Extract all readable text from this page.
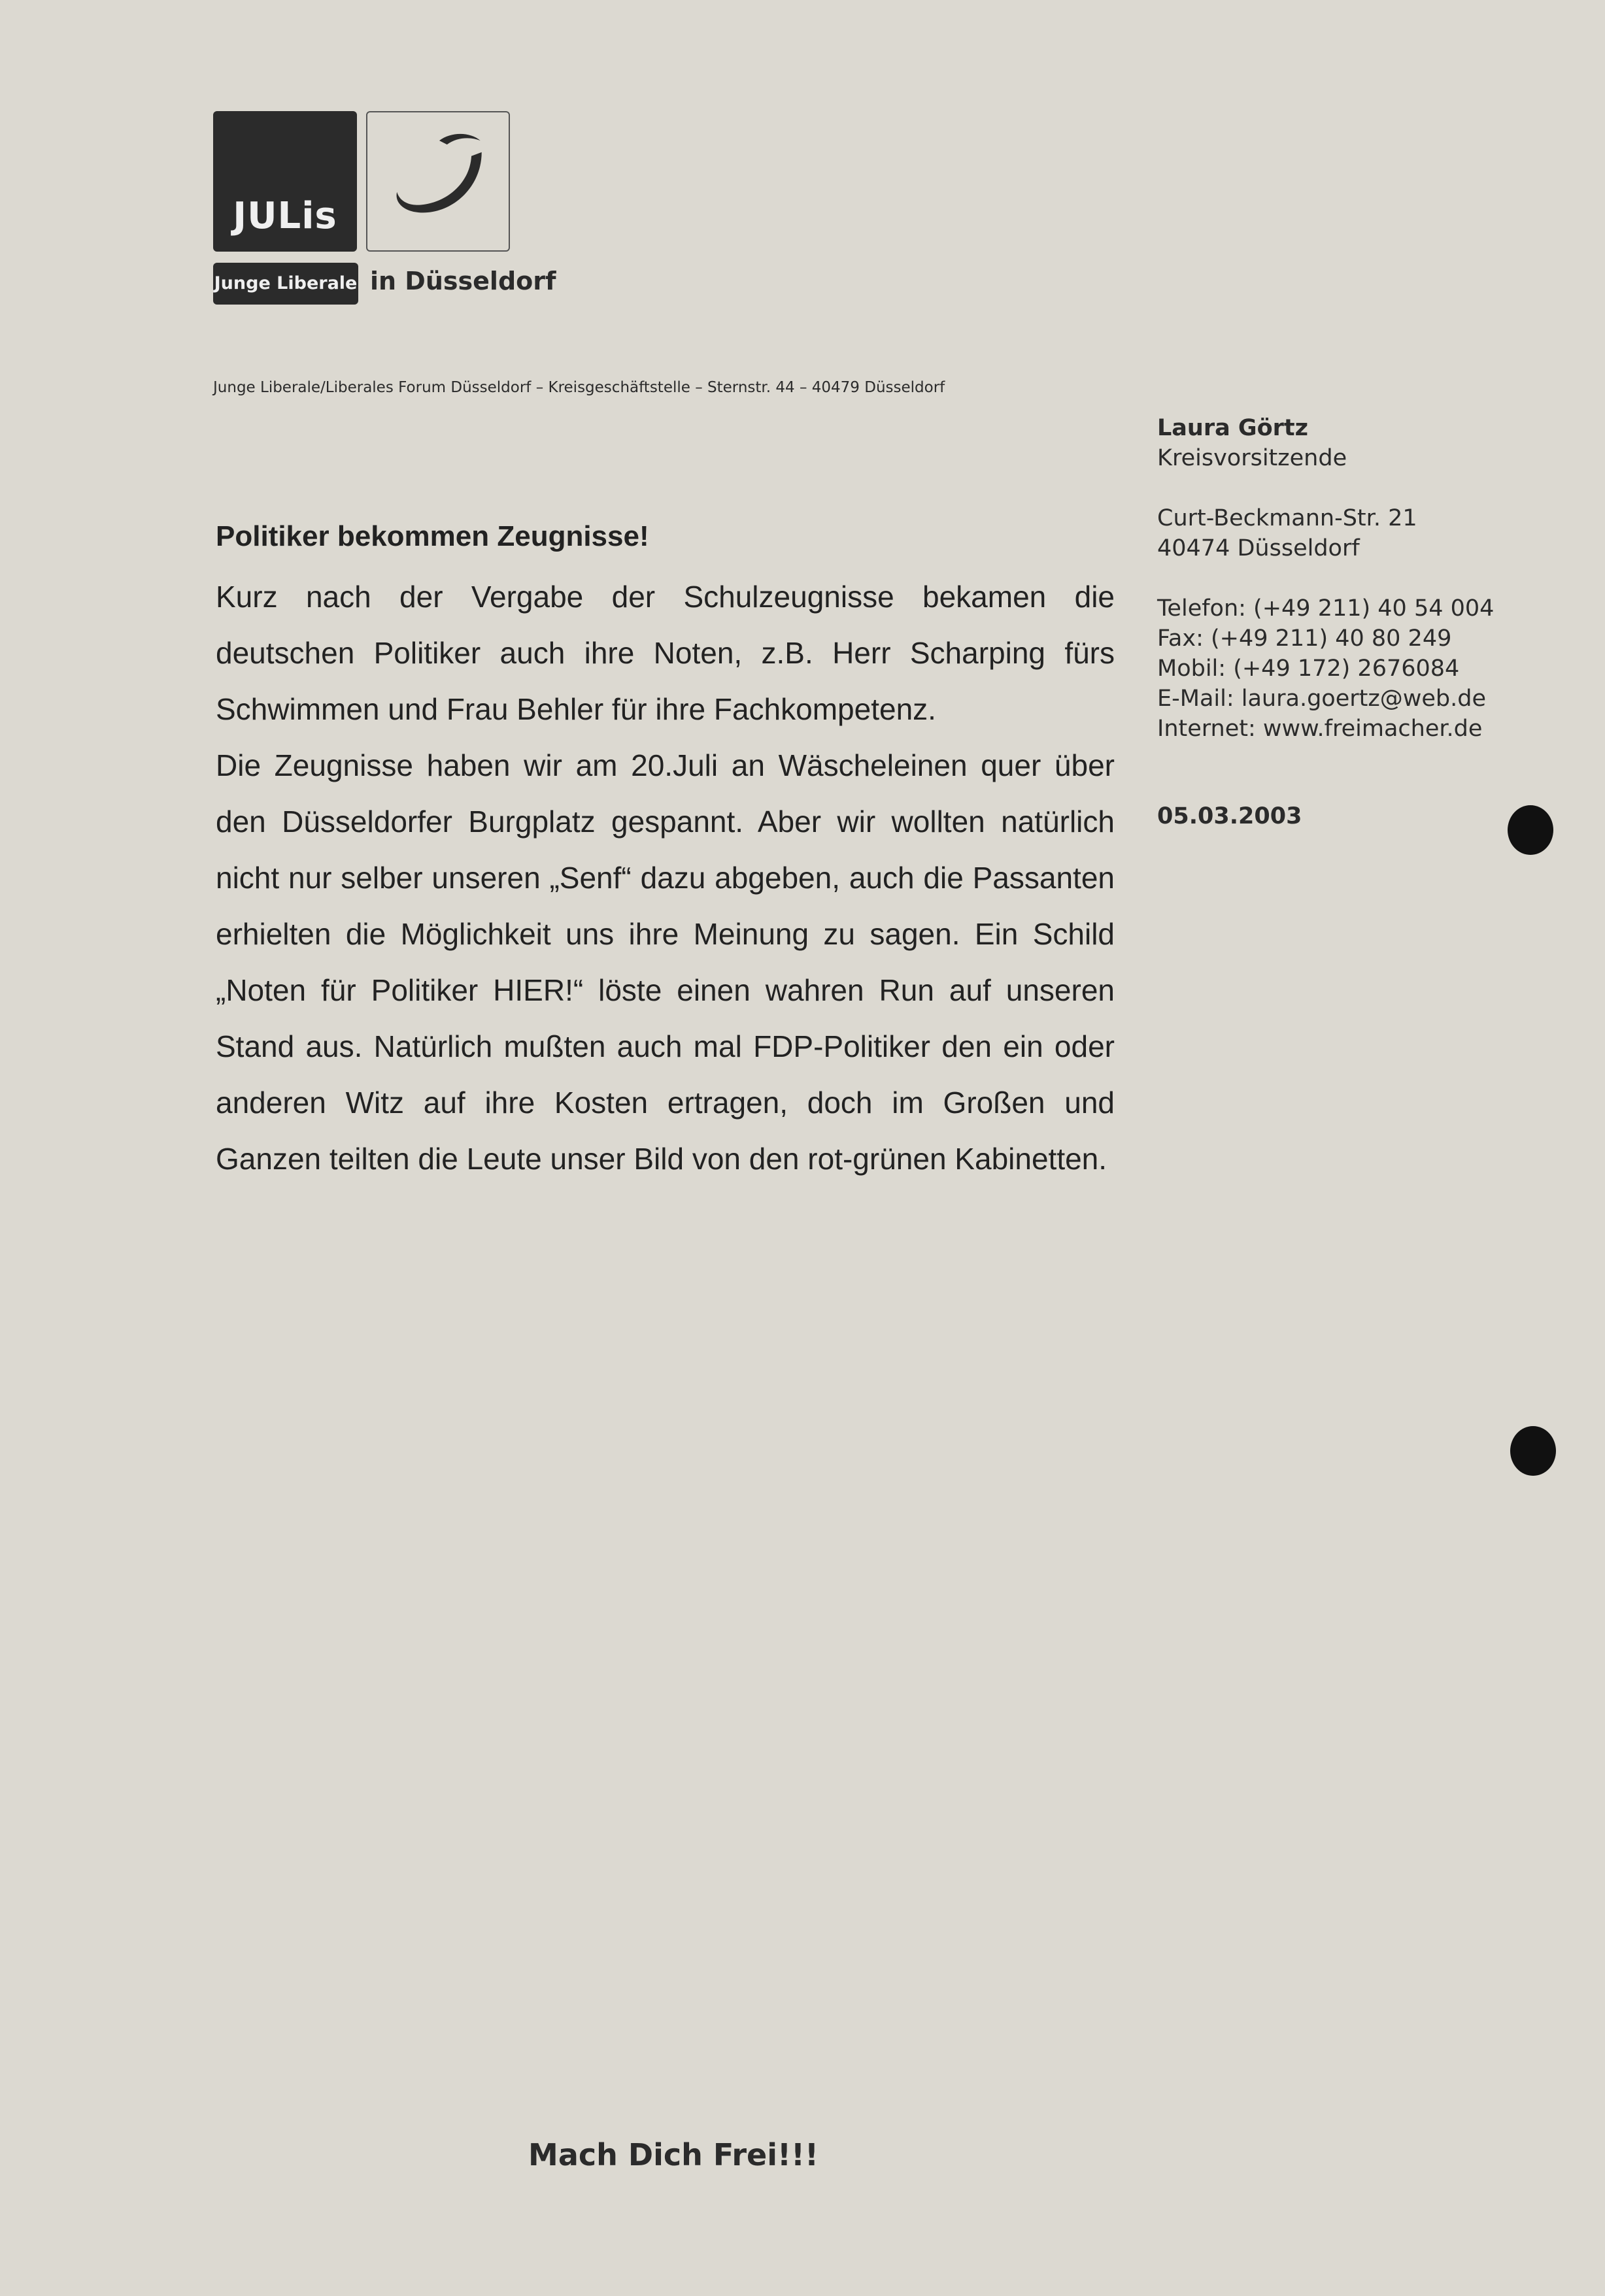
JULis
Junge Liberale in Düsseldorf
Junge Liberale/Liberales Forum Düsseldorf – Kreisgeschäftstelle – Sternstr. 44 – 40479 Düsseldorf
Laura Görtz
Kreisvorsitzende
Curt-Beckmann-Str. 21
40474 Düsseldorf
Telefon: (+49 211) 40 54 004
Fax: (+49 211) 40 80 249
Mobil: (+49 172) 2676084
E-Mail: laura.goertz@web.de
Internet: www.freimacher.de
05.03.2003
Politiker bekommen Zeugnisse!

Kurz nach der Vergabe der Schulzeugnisse bekamen die deutschen Politiker auch ihre Noten, z.B. Herr Scharping fürs Schwimmen und Frau Behler für ihre Fachkompetenz.

Die Zeugnisse haben wir am 20.Juli an Wäscheleinen quer über den Düsseldorfer Burgplatz gespannt. Aber wir wollten natürlich nicht nur selber unseren „Senf“ dazu abgeben, auch die Passanten erhielten die Möglichkeit uns ihre Meinung zu sagen. Ein Schild „Noten für Politiker HIER!“ löste einen wahren Run auf unseren Stand aus. Natürlich mußten auch mal FDP-Politiker den ein oder anderen Witz auf ihre Kosten ertragen, doch im Großen und Ganzen teilten die Leute unser Bild von den rot-grünen Kabinetten.

Mach Dich Frei!!!
